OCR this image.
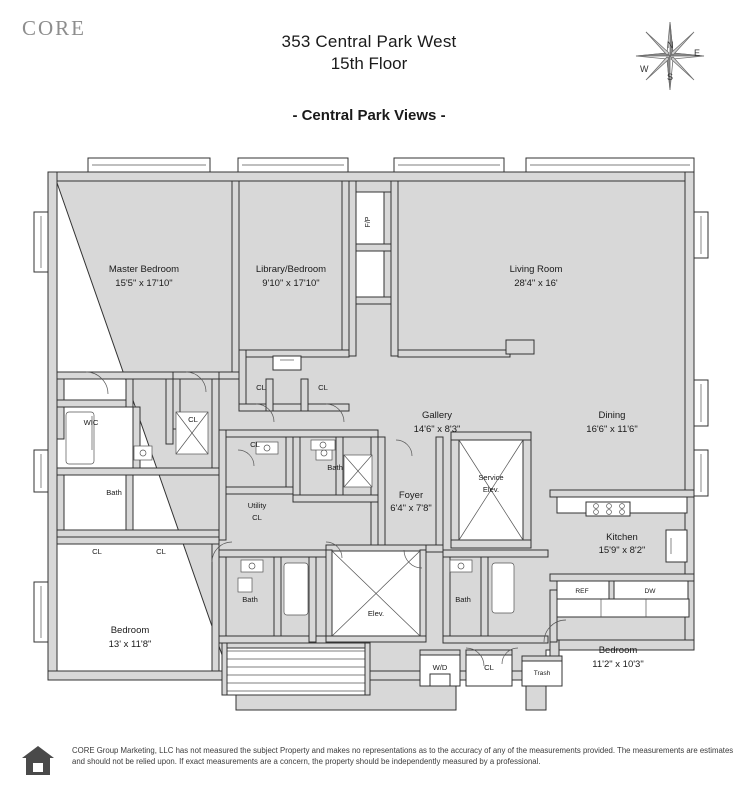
CORE
353 Central Park West
15th Floor
- Central Park Views -
N
S
E
W
Master Bedroom
15'5" x 17'10"
Library/Bedroom
9'10" x 17'10"
Living Room
28'4" x 16'
Dining
16'6" x 11'6"
Gallery
14'6" x 8'3"
Foyer
6'4" x 7'8"
Kitchen
15'9" x 8'2"
Bedroom
13' x 11'8"
Bedroom
11'2" x 10'3"
WIC
Bath
CL
CL	CL
CL
CL	CL
Bath
Bath	Bath
Utility
CL
Service
Elev.
Elev.
W/D	CL
Trash
REF	DW
F/P
CORE Group Marketing, LLC has not measured the subject Property and makes no representations as to the accuracy of any of the measurements provided. The measurements are estimates and should not be relied upon. If exact measurements are a concern, the property should be independently measured by a professional.
